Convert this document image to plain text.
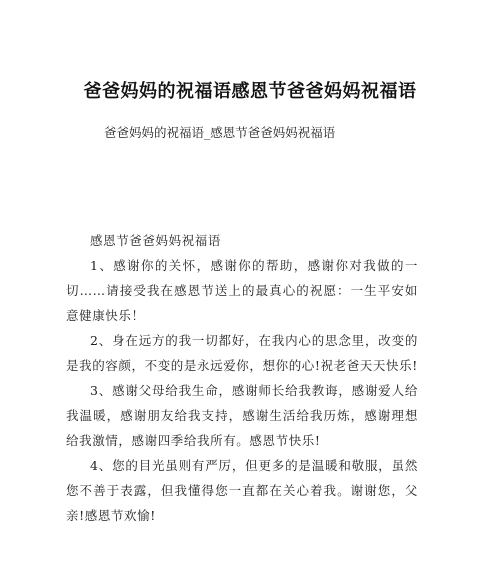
爸爸妈妈的祝福语感恩节爸爸妈妈祝福语
爸爸妈妈的祝福语_感恩节爸爸妈妈祝福语

感恩节爸爸妈妈祝福语

1、感谢你的关怀，感谢你的帮助，感谢你对我做的一切……请接受我在感恩节送上的最真心的祝愿：一生平安如意健康快乐！

2、身在远方的我一切都好，在我内心的思念里，改变的是我的容颜，不变的是永远爱你，想你的心!祝老爸天天快乐!

3、感谢父母给我生命，感谢师长给我教诲，感谢爱人给我温暖，感谢朋友给我支持，感谢生活给我历炼，感谢理想给我激情，感谢四季给我所有。感恩节快乐!

4、您的目光虽则有严厉，但更多的是温暖和敬服，虽然您不善于表露，但我懂得您一直都在关心着我。谢谢您，父亲!感恩节欢愉!
